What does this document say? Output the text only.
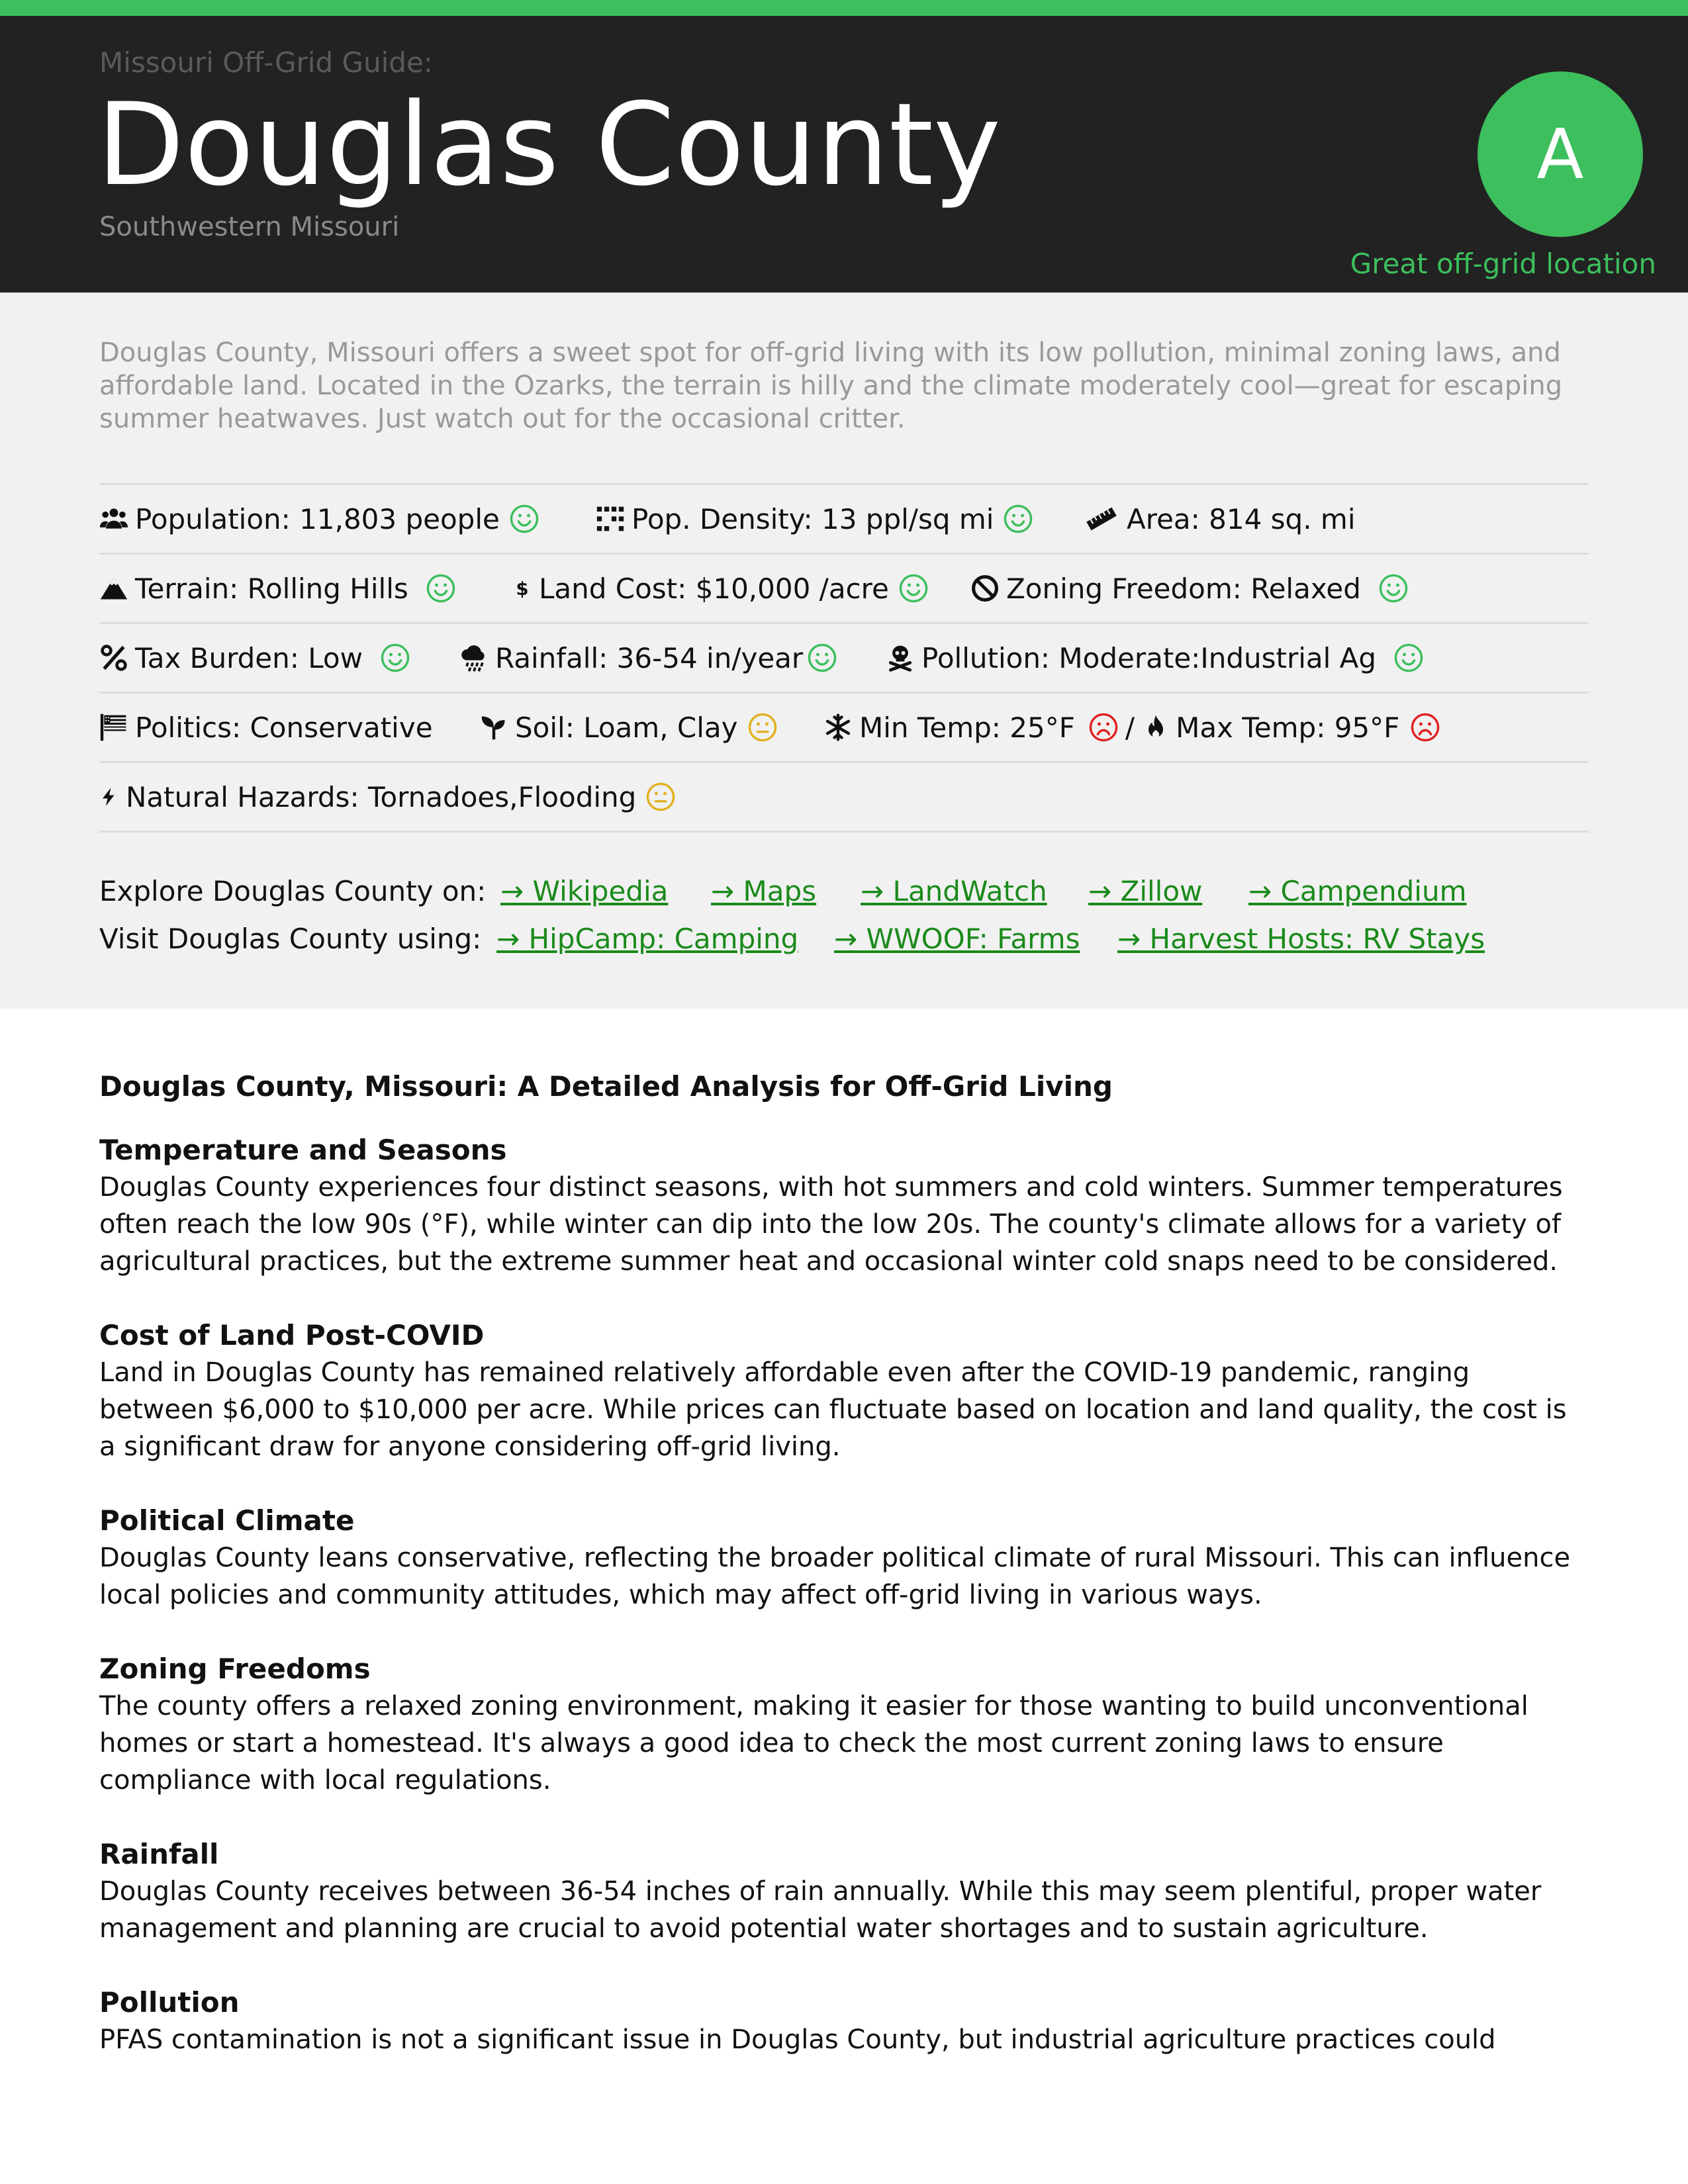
Missouri Off-Grid Guide:
Douglas County
Southwestern Missouri
A
Great off-grid location

Douglas County, Missouri offers a sweet spot for off-grid living with its low pollution, minimal zoning laws, and affordable land. Located in the Ozarks, the terrain is hilly and the climate moderately cool—great for escaping summer heatwaves. Just watch out for the occasional critter.

Population: 11,803 people	Pop. Density: 13 ppl/sq mi	Area: 814 sq. mi
Terrain: Rolling Hills	$ Land Cost: $10,000 /acre	Zoning Freedom: Relaxed
Tax Burden: Low	Rainfall: 36-54 in/year	Pollution: Moderate:Industrial Ag
Politics: Conservative	Soil: Loam, Clay	Min Temp: 25°F / Max Temp: 95°F
Natural Hazards: Tornadoes,Flooding
Explore Douglas County on: → Wikipedia → Maps → LandWatch → Zillow → Campendium
Visit Douglas County using: → HipCamp: Camping → WWOOF: Farms → Harvest Hosts: RV Stays
Douglas County, Missouri: A Detailed Analysis for Off-Grid Living
Temperature and Seasons

Douglas County experiences four distinct seasons, with hot summers and cold winters. Summer temperatures often reach the low 90s (°F), while winter can dip into the low 20s. The county's climate allows for a variety of agricultural practices, but the extreme summer heat and occasional winter cold snaps need to be considered.

Cost of Land Post-COVID

Land in Douglas County has remained relatively affordable even after the COVID-19 pandemic, ranging between $6,000 to $10,000 per acre. While prices can fluctuate based on location and land quality, the cost is a significant draw for anyone considering off-grid living.

Political Climate

Douglas County leans conservative, reflecting the broader political climate of rural Missouri. This can influence local policies and community attitudes, which may affect off-grid living in various ways.

Zoning Freedoms

The county offers a relaxed zoning environment, making it easier for those wanting to build unconventional homes or start a homestead. It's always a good idea to check the most current zoning laws to ensure compliance with local regulations.

Rainfall

Douglas County receives between 36-54 inches of rain annually. While this may seem plentiful, proper water management and planning are crucial to avoid potential water shortages and to sustain agriculture.

Pollution

PFAS contamination is not a significant issue in Douglas County, but industrial agriculture practices could
